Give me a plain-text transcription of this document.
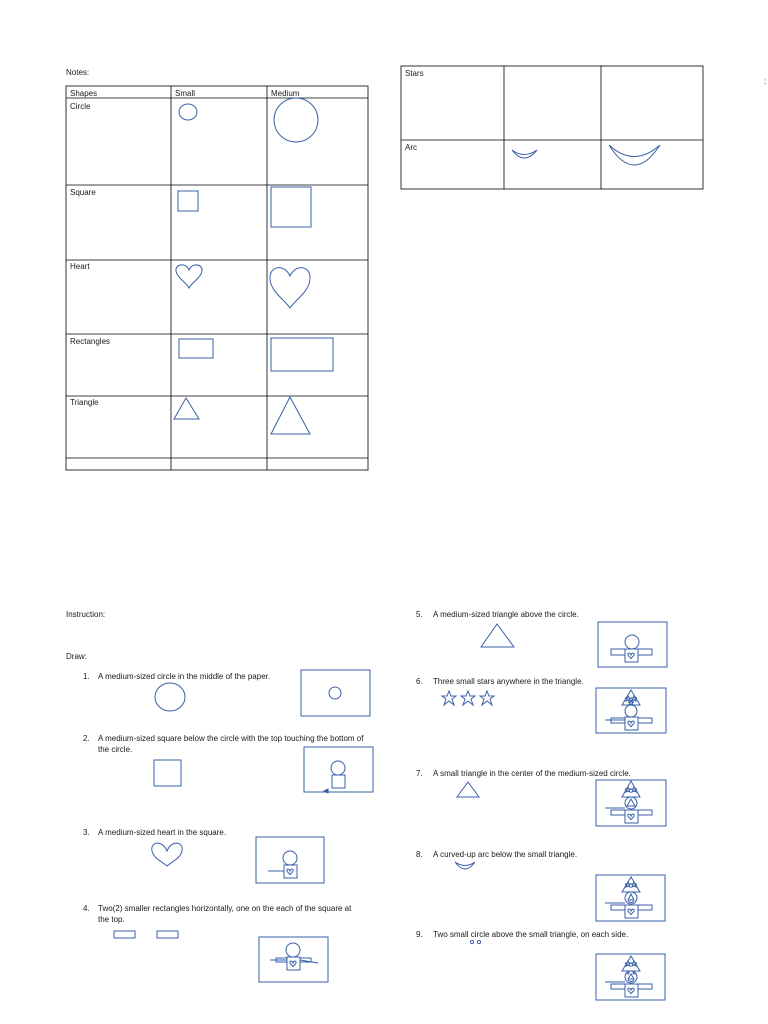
Notes:
Shapes	Small	Medium
Circle
Square
Heart
Rectangles
Triangle
Stars
Arc
:
Instruction:
Draw:
1. A medium-sized circle in the middle of the paper.
2. A medium-sized square below the circle with the top touching the bottom of the circle.
3. A medium-sized heart in the square.
4. Two(2) smaller rectangles horizontally, one on the each of the square at the top.
5. A medium-sized triangle above the circle.
6. Three small stars anywhere in the triangle.
7. A small triangle in the center of the medium-sized circle.
8. A curved-up arc below the small triangle.
9. Two small circle above the small triangle, on each side.
